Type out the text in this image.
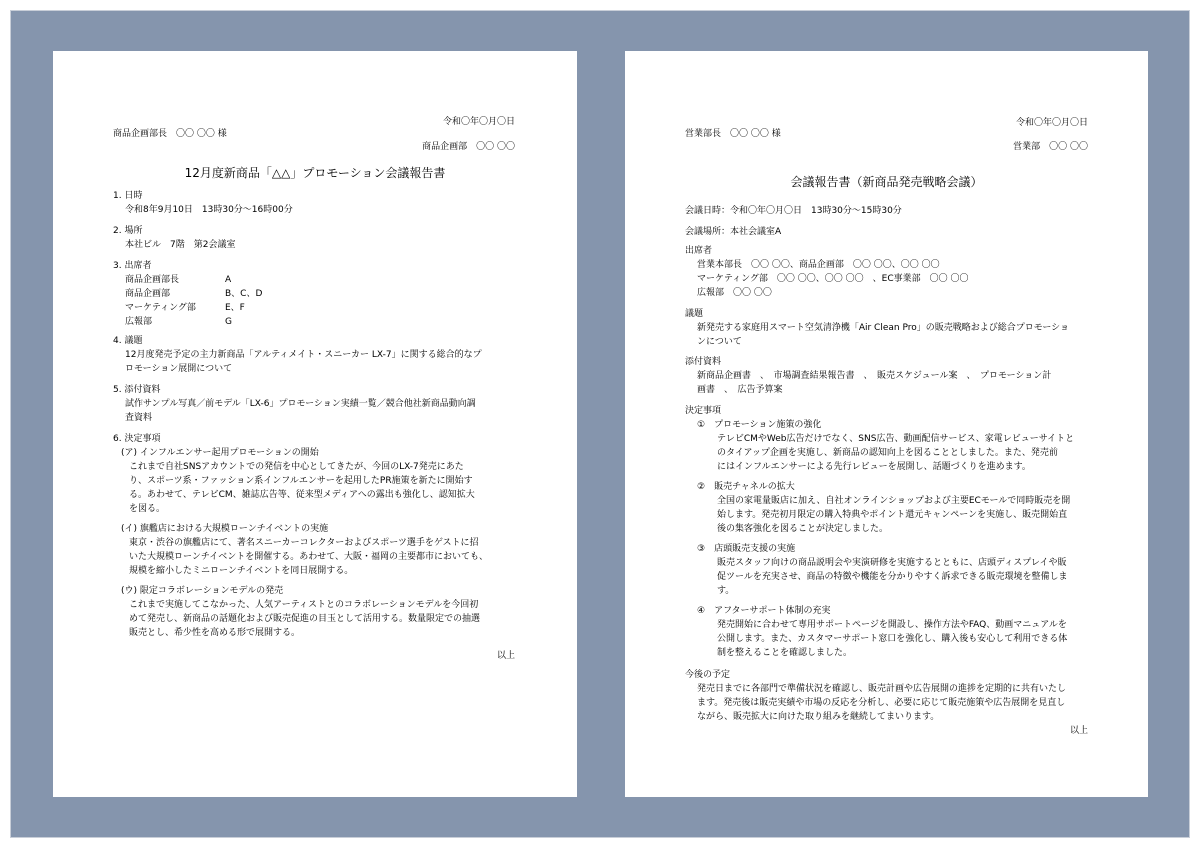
令和〇年〇月〇日
商品企画部長　〇〇 〇〇 様
商品企画部　〇〇 〇〇
12月度新商品「△△」プロモーション会議報告書
1. 日時
令和8年9月10日　13時30分～16時00分
2. 場所
本社ビル　7階　第2会議室
3. 出席者
商品企画部長	A
商品企画部	B、C、D
マーケティング部	E、F
広報部	G
4. 議題
12月度発売予定の主力新商品「アルティメイト・スニーカー LX-7」に関する総合的なプ
ロモーション展開について
5. 添付資料
試作サンプル写真／前モデル「LX-6」プロモーション実績一覧／競合他社新商品動向調
査資料
6. 決定事項
(ア) インフルエンサー起用プロモーションの開始
これまで自社SNSアカウントでの発信を中心としてきたが、今回のLX-7発売にあた
り、スポーツ系・ファッション系インフルエンサーを起用したPR施策を新たに開始す
る。あわせて、テレビCM、雑誌広告等、従来型メディアへの露出も強化し、認知拡大
を図る。
(イ) 旗艦店における大規模ローンチイベントの実施
東京・渋谷の旗艦店にて、著名スニーカーコレクターおよびスポーツ選手をゲストに招
いた大規模ローンチイベントを開催する。あわせて、大阪・福岡の主要都市においても、
規模を縮小したミニローンチイベントを同日展開する。
(ウ) 限定コラボレーションモデルの発売
これまで実施してこなかった、人気アーティストとのコラボレーションモデルを今回初
めて発売し、新商品の話題化および販売促進の目玉として活用する。数量限定での抽選
販売とし、希少性を高める形で展開する。
以上
令和〇年〇月〇日
営業部長　〇〇 〇〇 様
営業部　〇〇 〇〇
会議報告書（新商品発売戦略会議）
会議日時：令和〇年〇月〇日　13時30分～15時30分
会議場所：本社会議室A
出席者
営業本部長　〇〇 〇〇、商品企画部　〇〇 〇〇、〇〇 〇〇
マーケティング部　〇〇 〇〇、〇〇 〇〇　、EC事業部　〇〇 〇〇
広報部　〇〇 〇〇
議題
新発売する家庭用スマート空気清浄機「Air Clean Pro」の販売戦略および総合プロモーショ
ンについて
添付資料
新商品企画書　、　市場調査結果報告書　、　販売スケジュール案　、　プロモーション計
画書　、　広告予算案
決定事項
①　プロモーション施策の強化
テレビCMやWeb広告だけでなく、SNS広告、動画配信サービス、家電レビューサイトと
のタイアップ企画を実施し、新商品の認知向上を図ることとしました。また、発売前
にはインフルエンサーによる先行レビューを展開し、話題づくりを進めます。
②　販売チャネルの拡大
全国の家電量販店に加え、自社オンラインショップおよび主要ECモールで同時販売を開
始します。発売初月限定の購入特典やポイント還元キャンペーンを実施し、販売開始直
後の集客強化を図ることが決定しました。
③　店頭販売支援の実施
販売スタッフ向けの商品説明会や実演研修を実施するとともに、店頭ディスプレイや販
促ツールを充実させ、商品の特徴や機能を分かりやすく訴求できる販売環境を整備しま
す。
④　アフターサポート体制の充実
発売開始に合わせて専用サポートページを開設し、操作方法やFAQ、動画マニュアルを
公開します。また、カスタマーサポート窓口を強化し、購入後も安心して利用できる体
制を整えることを確認しました。
今後の予定
発売日までに各部門で準備状況を確認し、販売計画や広告展開の進捗を定期的に共有いたし
ます。発売後は販売実績や市場の反応を分析し、必要に応じて販売施策や広告展開を見直し
ながら、販売拡大に向けた取り組みを継続してまいります。
以上
